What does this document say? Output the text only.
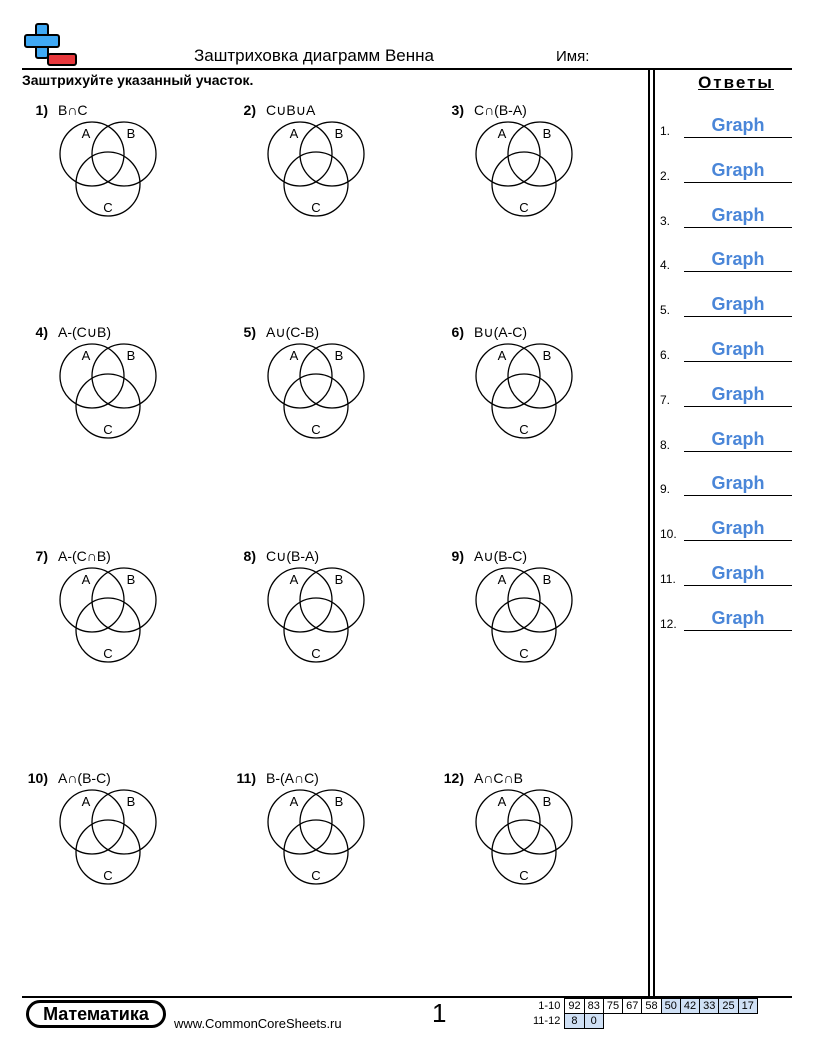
Заштриховка диаграмм Венна	Имя:
Заштрихуйте указанный участок.	Ответы
1) B∩C
A	B
C
2) C∪B∪A
A	B
C
3) C∩(B-A)
A	B
C
4) A-(C∪B)
A	B
C
5) A∪(C-B)
A	B
C
6) B∪(A-C)
A	B
C
7) A-(C∩B)
A	B
C
8) C∪(B-A)
A	B
C
9) A∪(B-C)
A	B
C
10) A∩(B-C)
A	B
C
11) B-(A∩C)
A	B
C
12) A∩C∩B
A	B
C
1.	Graph
2.	Graph
3.	Graph
4.	Graph
5.	Graph
6.	Graph
7.	Graph
8.	Graph
9.	Graph
10.	Graph
11.	Graph
12.	Graph
Математика	www.CommonCoreSheets.ru	1	1-10	92	83	75	67	58	50	42	33	25	17
11-12	8	0								
